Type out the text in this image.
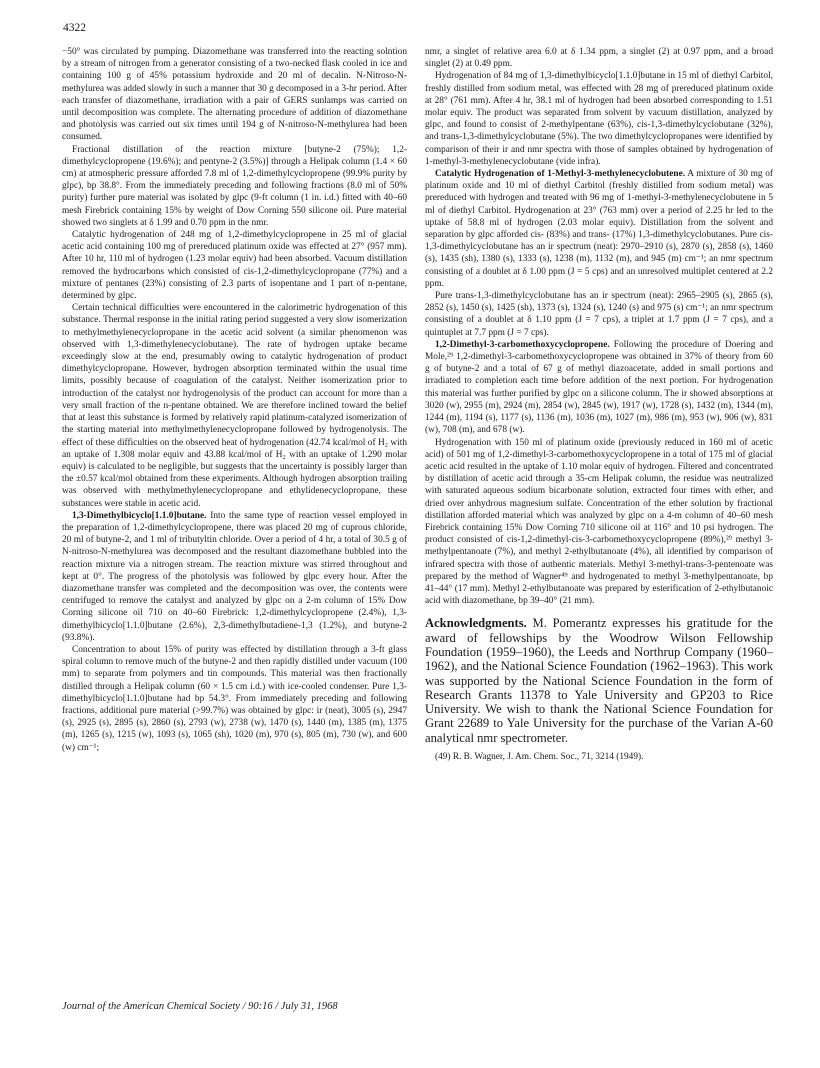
4322

−50° was circulated by pumping. Diazomethane was transferred into the reacting solntion by a stream of nitrogen from a generator consisting of a two-necked flask cooled in ice and containing 100 g of 45% potassium hydroxide and 20 ml of decalin. N-Nitroso-N-methylurea was added slowly in such a manner that 30 g decomposed in a 3-hr period. After each transfer of diazomethane, irradiation with a pair of GERS sunlamps was carried on until decomposition was complete. The alternating procedure of addition of diazomethane and photolysis was carried out six times until 194 g of N-nitroso-N-methylurea had been consumed.

Fractional distillation of the reaction mixture [butyne-2 (75%); 1,2-dimethylcyclopropene (19.6%); and pentyne-2 (3.5%)] through a Helipak column (1.4 × 60 cm) at atmospheric pressure afforded 7.8 ml of 1,2-dimethylcyclopropene (99.9% purity by glpc), bp 38.8°. From the immediately preceding and following fractions (8.0 ml of 50% purity) further pure material was isolated by glpc (9-ft column (1 in. i.d.) fitted with 40–60 mesh Firebrick containing 15% by weight of Dow Corning 550 silicone oil. Pure material showed two singlets at δ 1.99 and 0.70 ppm in the nmr.

Catalytic hydrogenation of 248 mg of 1,2-dimethylcyclopropene in 25 ml of glacial acetic acid containing 100 mg of prereduced platinum oxide was effected at 27° (957 mm). After 10 hr, 110 ml of hydrogen (1.23 molar equiv) had been absorbed. Vacuum distillation removed the hydrocarbons which consisted of cis-1,2-dimethylcyclopropane (77%) and a mixture of pentanes (23%) consisting of 2.3 parts of isopentane and 1 part of n-pentane, determined by glpc.

Certain technical difficulties were encountered in the calorimetric hydrogenation of this substance. Thermal response in the initial rating period suggested a very slow isomerization to methylmethylenecyclopropane in the acetic acid solvent (a similar phenomenon was observed with 1,3-dimethylenecyclobutane). The rate of hydrogen uptake became exceedingly slow at the end, presumably owing to catalytic hydrogenation of product dimethylcyclopropane. However, hydrogen absorption terminated within the usual time limits, possibly because of coagulation of the catalyst. Neither isomerization prior to introduction of the catalyst nor hydrogenolysis of the product can account for more than a very small fraction of the n-pentane obtained. We are therefore inclined toward the belief that at least this substance is formed by relatively rapid platinum-catalyzed isomerization of the starting material into methylmethylenecyclopropane followed by hydrogenolysis. The effect of these difficulties on the observed heat of hydrogenation (42.74 kcal/mol of H₂ with an uptake of 1.308 molar equiv and 43.88 kcal/mol of H₂ with an uptake of 1.290 molar equiv) is calculated to be negligible, but suggests that the uncertainty is possibly larger than the ±0.57 kcal/mol obtained from these experiments. Although hydrogen absorption trailing was observed with methylmethylenecyclopropane and ethylidenecyclopropane, these substances were stable in acetic acid.

1,3-Dimethylbicyclo[1.1.0]butane. Into the same type of reaction vessel employed in the preparation of 1,2-dimethylcyclopropene, there was placed 20 mg of cuprous chloride, 20 ml of butyne-2, and 1 ml of tributyltin chloride. Over a period of 4 hr, a total of 30.5 g of N-nitroso-N-methylurea was decomposed and the resultant diazomethane bubbled into the reaction mixture via a nitrogen stream. The reaction mixture was stirred throughout and kept at 0°. The progress of the photolysis was followed by glpc every hour. After the diazomethane transfer was completed and the decomposition was over, the contents were centrifuged to remove the catalyst and analyzed by glpc on a 2-m column of 15% Dow Corning silicone oil 710 on 40–60 Firebrick: 1,2-dimethylcyclopropene (2.4%), 1,3-dimethylbicyclo[1.1.0]butane (2.6%), 2,3-dimethylbutadiene-1,3 (1.2%), and butyne-2 (93.8%).

Concentration to about 15% of purity was effected by distillation through a 3-ft glass spiral column to remove much of the butyne-2 and then rapidly distilled under vacuum (100 mm) to separate from polymers and tin compounds. This material was then fractionally distilled through a Helipak column (60 × 1.5 cm i.d.) with ice-cooled condenser. Pure 1,3-dimethylbicyclo[1.1.0]butane had bp 54.3°. From immediately preceding and following fractions, additional pure material (>99.7%) was obtained by glpc: ir (neat), 3005 (s), 2947 (s), 2925 (s), 2895 (s), 2860 (s), 2793 (w), 2738 (w), 1470 (s), 1440 (m), 1385 (m), 1375 (m), 1265 (s), 1215 (w), 1093 (s), 1065 (sh), 1020 (m), 970 (s), 805 (m), 730 (w), and 600 (w) cm⁻¹;

nmr, a singlet of relative area 6.0 at δ 1.34 ppm, a singlet (2) at 0.97 ppm, and a broad singlet (2) at 0.49 ppm.

Hydrogenation of 84 mg of 1,3-dimethylbicyclo[1.1.0]butane in 15 ml of diethyl Carbitol, freshly distilled from sodium metal, was effected with 28 mg of prereduced platinum oxide at 28° (761 mm). After 4 hr, 38.1 ml of hydrogen had been absorbed corresponding to 1.51 molar equiv. The product was separated from solvent by vacuum distillation, analyzed by glpc, and found to consist of 2-methylpentane (63%), cis-1,3-dimethylcyclobutane (32%), and trans-1,3-dimethylcyclobutane (5%). The two dimethylcyclopropanes were identified by comparison of their ir and nmr spectra with those of samples obtained by hydrogenation of 1-methyl-3-methylenecyclobutane (vide infra).

Catalytic Hydrogenation of 1-Methyl-3-methylenecyclobutene. A mixture of 30 mg of platinum oxide and 10 ml of diethyl Carbitol (freshly distilled from sodium metal) was prereduced with hydrogen and treated with 96 mg of 1-methyl-3-methylenecyclobutene in 5 ml of diethyl Carbitol. Hydrogenation at 23° (763 mm) over a period of 2.25 hr led to the uptake of 58.8 ml of hydrogen (2.03 molar equiv). Distillation from the solvent and separation by glpc afforded cis- (83%) and trans- (17%) 1,3-dimethylcyclobutanes. Pure cis-1,3-dimethylcyclobutane has an ir spectrum (neat): 2970–2910 (s), 2870 (s), 2858 (s), 1460 (s), 1435 (sh), 1380 (s), 1333 (s), 1238 (m), 1132 (m), and 945 (m) cm⁻¹; an nmr spectrum consisting of a doublet at δ 1.00 ppm (J = 5 cps) and an unresolved multiplet centered at 2.2 ppm.

Pure trans-1,3-dimethylcyclobutane has an ir spectrum (neat): 2965–2905 (s), 2865 (s), 2852 (s), 1450 (s), 1425 (sh), 1373 (s), 1324 (s), 1240 (s) and 975 (s) cm⁻¹; an nmr spectrum consisting of a doublet at δ 1.10 ppm (J = 7 cps), a triplet at 1.7 ppm (J = 7 cps), and a quintuplet at 7.7 ppm (J = 7 cps).

1,2-Dimethyl-3-carbomethoxycyclopropene. Following the procedure of Doering and Mole,²⁹ 1,2-dimethyl-3-carbomethoxycyclopropene was obtained in 37% of theory from 60 g of butyne-2 and a total of 67 g of methyl diazoacetate, added in small portions and irradiated to completion each time before addition of the next portion. For hydrogenation this material was further purified by glpc on a silicone column. The ir showed absorptions at 3020 (w), 2955 (m), 2924 (m), 2854 (w), 2845 (w), 1917 (w), 1728 (s), 1432 (m), 1344 (m), 1244 (m), 1194 (s), 1177 (s), 1136 (m), 1036 (m), 1027 (m), 986 (m), 953 (w), 906 (w), 831 (w), 708 (m), and 678 (w).

Hydrogenation with 150 ml of platinum oxide (previously reduced in 160 ml of acetic acid) of 501 mg of 1,2-dimethyl-3-carbomethoxycyclopropene in a total of 175 ml of glacial acetic acid resulted in the uptake of 1.10 molar equiv of hydrogen. Filtered and concentrated by distillation of acetic acid through a 35-cm Helipak column, the residue was neutralized with saturated aqueous sodium bicarbonate solution, extracted four times with ether, and dried over anhydrous magnesium sulfate. Concentration of the ether solution by fractional distillation afforded material which was analyzed by glpc on a 4-m column of 40–60 mesh Firebrick containing 15% Dow Corning 710 silicone oil at 116° and 10 psi hydrogen. The product consisted of cis-1,2-dimethyl-cis-3-carbomethoxycyclopropene (89%),²⁹ methyl 3-methylpentanoate (7%), and methyl 2-ethylbutanoate (4%), all identified by comparison of infrared spectra with those of authentic materials. Methyl 3-methyl-trans-3-pentenoate was prepared by the method of Wagner⁴⁹ and hydrogenated to methyl 3-methylpentanoate, bp 41–44° (17 mm). Methyl 2-ethylbutanoate was prepared by esterification of 2-ethylbutanoic acid with diazomethane, bp 39–40° (21 mm).

Acknowledgments. M. Pomerantz expresses his gratitude for the award of fellowships by the Woodrow Wilson Fellowship Foundation (1959–1960), the Leeds and Northrup Company (1960–1962), and the National Science Foundation (1962–1963). This work was supported by the National Science Foundation in the form of Research Grants 11378 to Yale University and GP203 to Rice University. We wish to thank the National Science Foundation for Grant 22689 to Yale University for the purchase of the Varian A-60 analytical nmr spectrometer.

(49) R. B. Wagner, J. Am. Chem. Soc., 71, 3214 (1949).

Journal of the American Chemical Society / 90:16 / July 31, 1968
